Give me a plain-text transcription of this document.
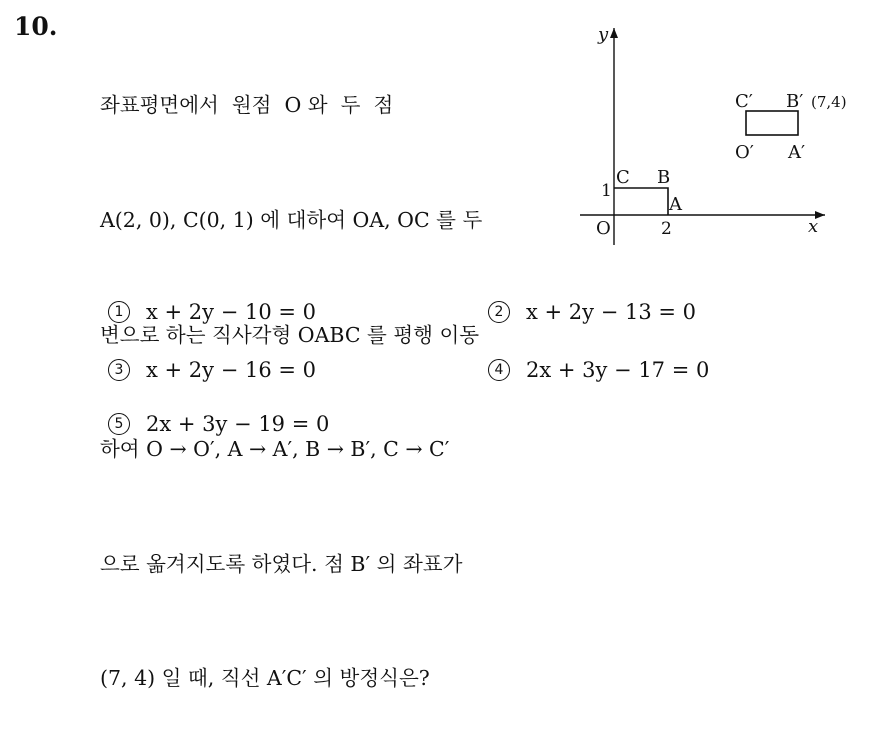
10.

좌표평면에서  원점  O 와  두  점

A(2, 0), C(0, 1) 에 대하여 OA, OC 를 두

변으로 하는 직사각형 OABC 를 평행 이동

하여 O → O′, A → A′, B → B′, C → C′

으로 옮겨지도록 하였다. 점 B′ 의 좌표가

(7, 4) 일 때, 직선 A′C′ 의 방정식은?

y
x
O	2
1
C B
A
C′ B′ (7,4)
O′ A′
1	x + 2y − 10 = 0	2	x + 2y − 13 = 0
3	x + 2y − 16 = 0	4	2x + 3y − 17 = 0
5	2x + 3y − 19 = 0
